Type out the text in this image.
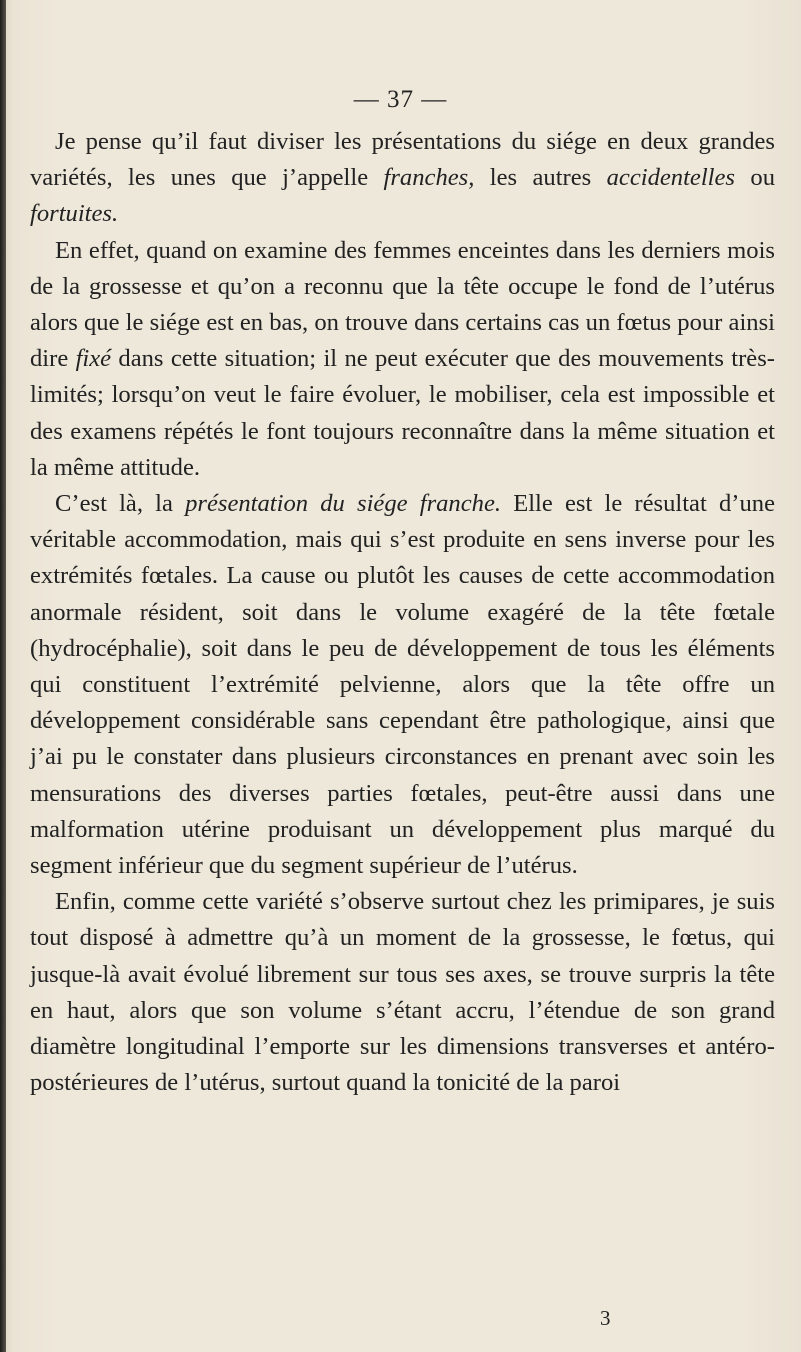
— 37 —

Je pense qu’il faut diviser les présentations du siége en deux grandes variétés, les unes que j’appelle franches, les autres accidentelles ou fortuites.

En effet, quand on examine des femmes enceintes dans les derniers mois de la grossesse et qu’on a reconnu que la tête occupe le fond de l’utérus alors que le siége est en bas, on trouve dans certains cas un fœtus pour ainsi dire fixé dans cette situation; il ne peut exécuter que des mouvements très-limités; lorsqu’on veut le faire évoluer, le mobiliser, cela est impossible et des examens répétés le font toujours reconnaître dans la même situation et la même attitude.

C’est là, la présentation du siége franche. Elle est le résultat d’une véritable accommodation, mais qui s’est produite en sens inverse pour les extrémités fœtales. La cause ou plutôt les causes de cette accommodation anormale résident, soit dans le volume exagéré de la tête fœtale (hydrocéphalie), soit dans le peu de développement de tous les éléments qui constituent l’extrémité pelvienne, alors que la tête offre un développement considérable sans cependant être pathologique, ainsi que j’ai pu le constater dans plusieurs circonstances en prenant avec soin les mensurations des diverses parties fœtales, peut-être aussi dans une malformation utérine produisant un développement plus marqué du segment inférieur que du segment supérieur de l’utérus.

Enfin, comme cette variété s’observe surtout chez les primipares, je suis tout disposé à admettre qu’à un moment de la grossesse, le fœtus, qui jusque-là avait évolué librement sur tous ses axes, se trouve surpris la tête en haut, alors que son volume s’étant accru, l’étendue de son grand diamètre longitudinal l’emporte sur les dimensions transverses et antéro-postérieures de l’utérus, surtout quand la tonicité de la paroi

3
